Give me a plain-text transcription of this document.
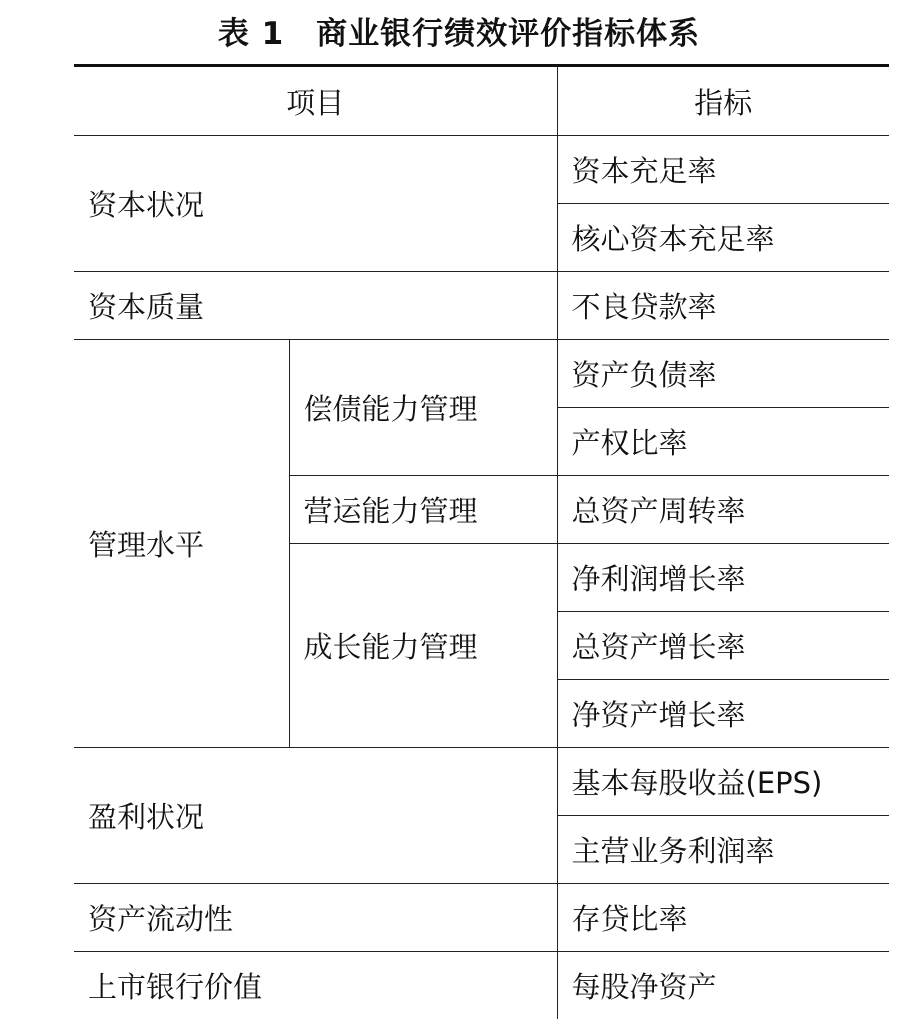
表 1　商业银行绩效评价指标体系
项目		指标
资本状况		资本充足率
		核心资本充足率
资本质量		不良贷款率
管理水平	偿债能力管理	资产负债率
		产权比率
	营运能力管理	总资产周转率
	成长能力管理	净利润增长率
		总资产增长率
		净资产增长率
盈利状况		基本每股收益(EPS)
		主营业务利润率
资产流动性		存贷比率
上市银行价值		每股净资产
